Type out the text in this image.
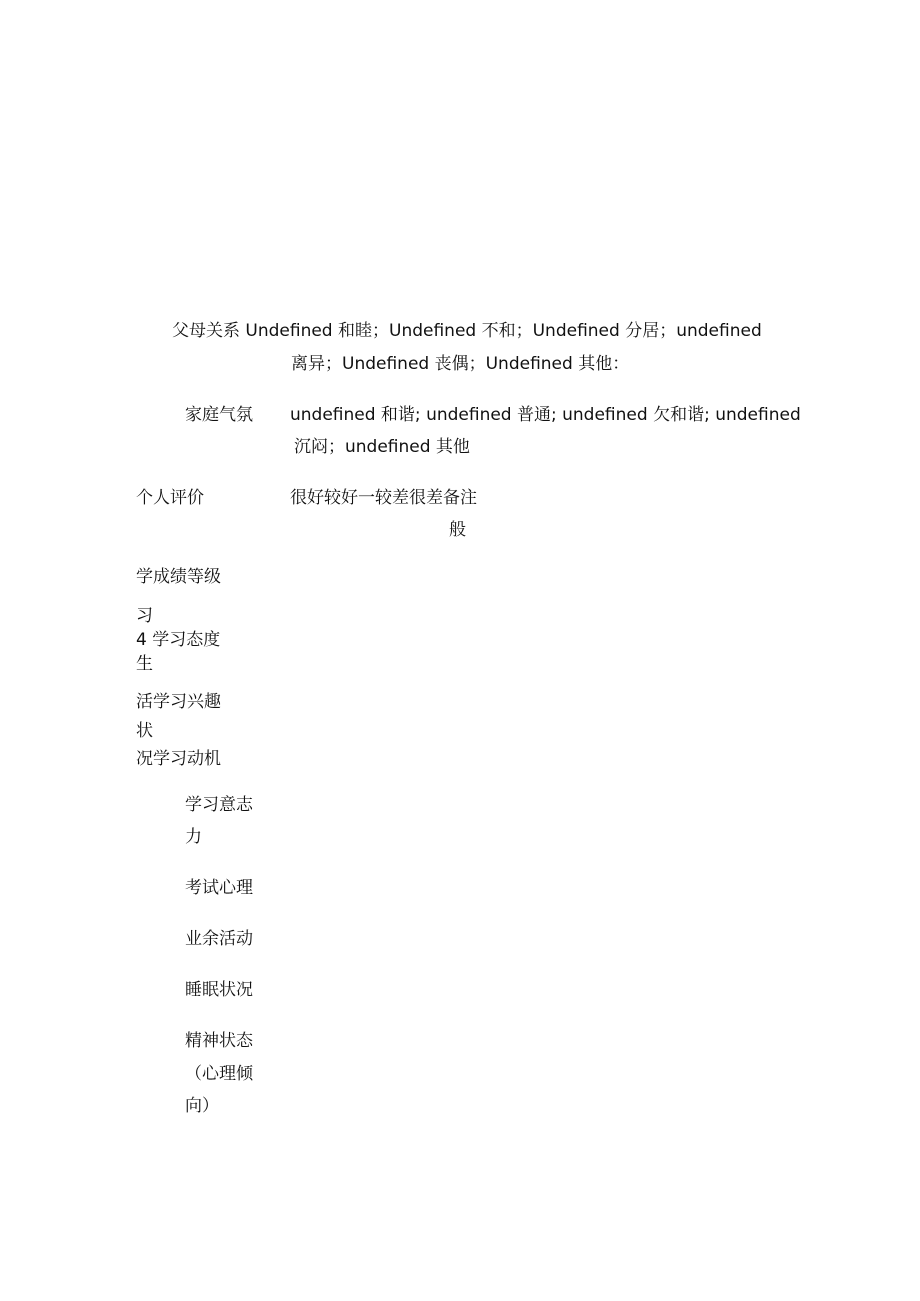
父母关系 Undefined 和睦；Undefined 不和；Undefined 分居；undefined
离异；Undefined 丧偶；Undefined 其他：
家庭气氛 undefined 和谐; undefined 普通; undefined 欠和谐; undefined
沉闷；undefined 其他
个人评价	很好较好一较差很差备注
般
学成绩等级
习
4 学习态度
生
活学习兴趣
状
况学习动机
学习意志
力
考试心理
业余活动
睡眠状况
精神状态
（心理倾
向）
